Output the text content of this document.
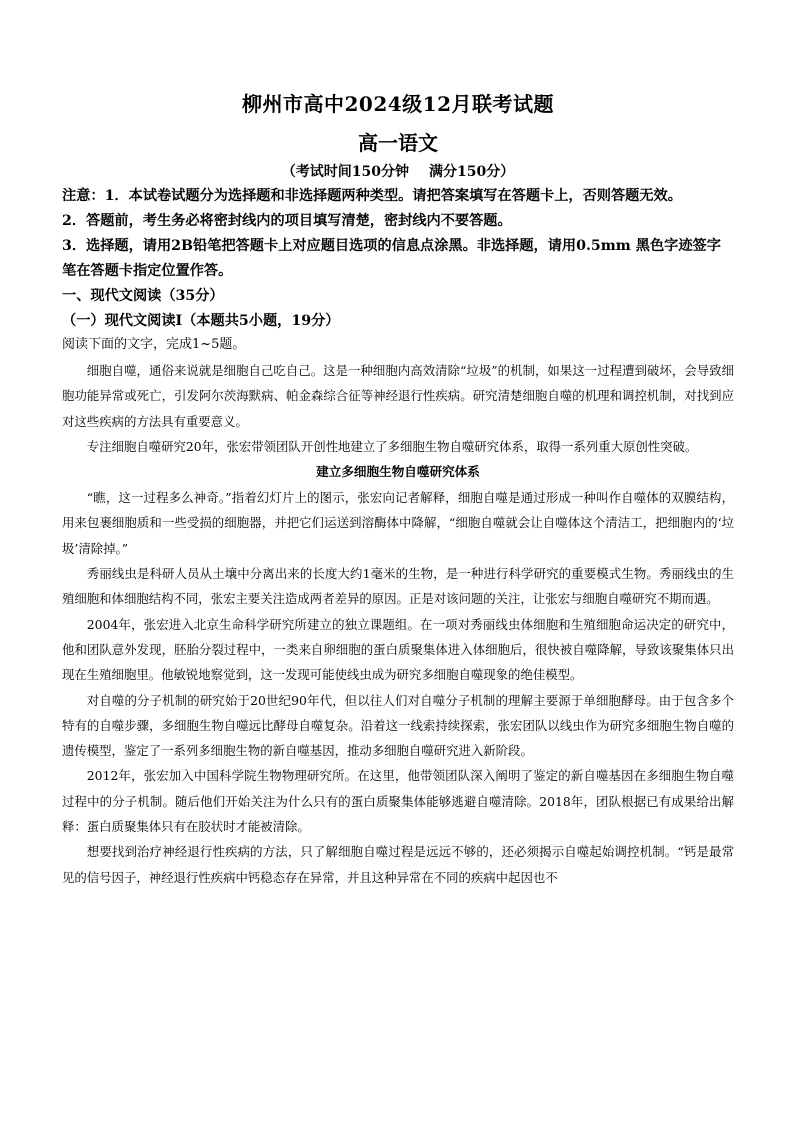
柳州市高中2024级12月联考试题
高一语文
（考试时间150分钟 满分150分）

注意：1．本试卷试题分为选择题和非选择题两种类型。请把答案填写在答题卡上，否则答题无效。

2．答题前，考生务必将密封线内的项目填写清楚，密封线内不要答题。

3．选择题，请用2B铅笔把答题卡上对应题目选项的信息点涂黑。非选择题，请用0.5mm 黑色字迹签字笔在答题卡指定位置作答。

一、现代文阅读（35分）

（一）现代文阅读Ⅰ（本题共5小题，19分）

阅读下面的文字，完成1~5题。

细胞自噬，通俗来说就是细胞自己吃自己。这是一种细胞内高效清除“垃圾”的机制，如果这一过程遭到破坏，会导致细胞功能异常或死亡，引发阿尔茨海默病、帕金森综合征等神经退行性疾病。研究清楚细胞自噬的机理和调控机制，对找到应对这些疾病的方法具有重要意义。

专注细胞自噬研究20年，张宏带领团队开创性地建立了多细胞生物自噬研究体系，取得一系列重大原创性突破。

建立多细胞生物自噬研究体系

“瞧，这一过程多么神奇。”指着幻灯片上的图示，张宏向记者解释，细胞自噬是通过形成一种叫作自噬体的双膜结构，用来包裹细胞质和一些受损的细胞器，并把它们运送到溶酶体中降解，“细胞自噬就会让自噬体这个清洁工，把细胞内的‘垃圾’清除掉。”

秀丽线虫是科研人员从土壤中分离出来的长度大约1毫米的生物，是一种进行科学研究的重要模式生物。秀丽线虫的生殖细胞和体细胞结构不同，张宏主要关注造成两者差异的原因。正是对该问题的关注，让张宏与细胞自噬研究不期而遇。

2004年，张宏进入北京生命科学研究所建立的独立课题组。在一项对秀丽线虫体细胞和生殖细胞命运决定的研究中，他和团队意外发现，胚胎分裂过程中，一类来自卵细胞的蛋白质聚集体进入体细胞后，很快被自噬降解，导致该聚集体只出现在生殖细胞里。他敏锐地察觉到，这一发现可能使线虫成为研究多细胞自噬现象的绝佳模型。

对自噬的分子机制的研究始于20世纪90年代，但以往人们对自噬分子机制的理解主要源于单细胞酵母。由于包含多个特有的自噬步骤，多细胞生物自噬远比酵母自噬复杂。沿着这一线索持续探索，张宏团队以线虫作为研究多细胞生物自噬的遗传模型，鉴定了一系列多细胞生物的新自噬基因，推动多细胞自噬研究进入新阶段。

2012年，张宏加入中国科学院生物物理研究所。在这里，他带领团队深入阐明了鉴定的新自噬基因在多细胞生物自噬过程中的分子机制。随后他们开始关注为什么只有的蛋白质聚集体能够逃避自噬清除。2018年，团队根据已有成果给出解释：蛋白质聚集体只有在胶状时才能被清除。

想要找到治疗神经退行性疾病的方法，只了解细胞自噬过程是远远不够的，还必须揭示自噬起始调控机制。“钙是最常见的信号因子，神经退行性疾病中钙稳态存在异常，并且这种异常在不同的疾病中起因也不
